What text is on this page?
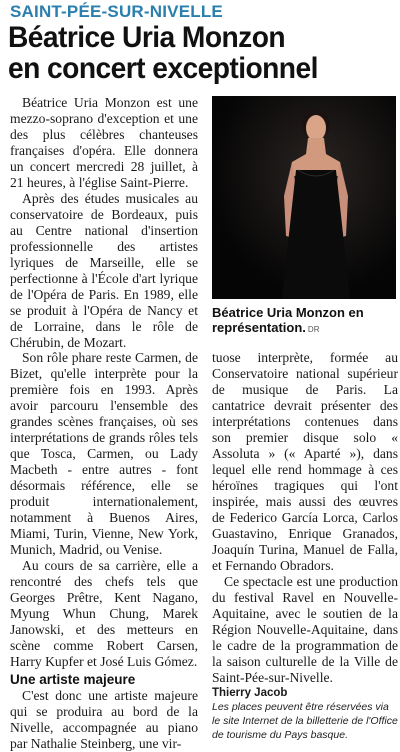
SAINT-PÉE-SUR-NIVELLE
Béatrice Uria Monzon
en concert exceptionnel

Béatrice Uria Monzon est une mezzo-soprano d'exception et une des plus célèbres chanteuses françaises d'opéra. Elle donnera un concert mercredi 28 juillet, à 21 heures, à l'église Saint-Pierre.

Après des études musicales au conservatoire de Bordeaux, puis au Centre national d'insertion professionnelle des artistes lyriques de Marseille, elle se perfectionne à l'École d'art lyrique de l'Opéra de Paris. En 1989, elle se produit à l'Opéra de Nancy et de Lorraine, dans le rôle de Chérubin, de Mozart.

Béatrice Uria Monzon en représentation. DR

Son rôle phare reste Carmen, de Bizet, qu'elle interprète pour la première fois en 1993. Après avoir parcouru l'ensemble des grandes scènes françaises, où ses interprétations de grands rôles tels que Tosca, Carmen, ou Lady Macbeth - entre autres - font désormais référence, elle se produit internationalement, notamment à Buenos Aires, Miami, Turin, Vienne, New York, Munich, Madrid, ou Venise.

Au cours de sa carrière, elle a rencontré des chefs tels que Georges Prêtre, Kent Nagano, Myung Whun Chung, Marek Janowski, et des metteurs en scène comme Robert Carsen, Harry Kupfer et José Luis Gómez.

Une artiste majeure

C'est donc une artiste majeure qui se produira au bord de la Nivelle, accompagnée au piano par Nathalie Steinberg, une vir-

tuose interprète, formée au Conservatoire national supérieur de musique de Paris. La cantatrice devrait présenter des interprétations contenues dans son premier disque solo « Assoluta » (« Aparté »), dans lequel elle rend hommage à ces héroïnes tragiques qui l'ont inspirée, mais aussi des œuvres de Federico García Lorca, Carlos Guastavino, Enrique Granados, Joaquín Turina, Manuel de Falla, et Fernando Obradors.

Ce spectacle est une production du festival Ravel en Nouvelle-Aquitaine, avec le soutien de la Région Nouvelle-Aquitaine, dans le cadre de la programmation de la saison culturelle de la Ville de Saint-Pée-sur-Nivelle.

Thierry Jacob

Les places peuvent être réservées via le site Internet de la billetterie de l'Office de tourisme du Pays basque.
